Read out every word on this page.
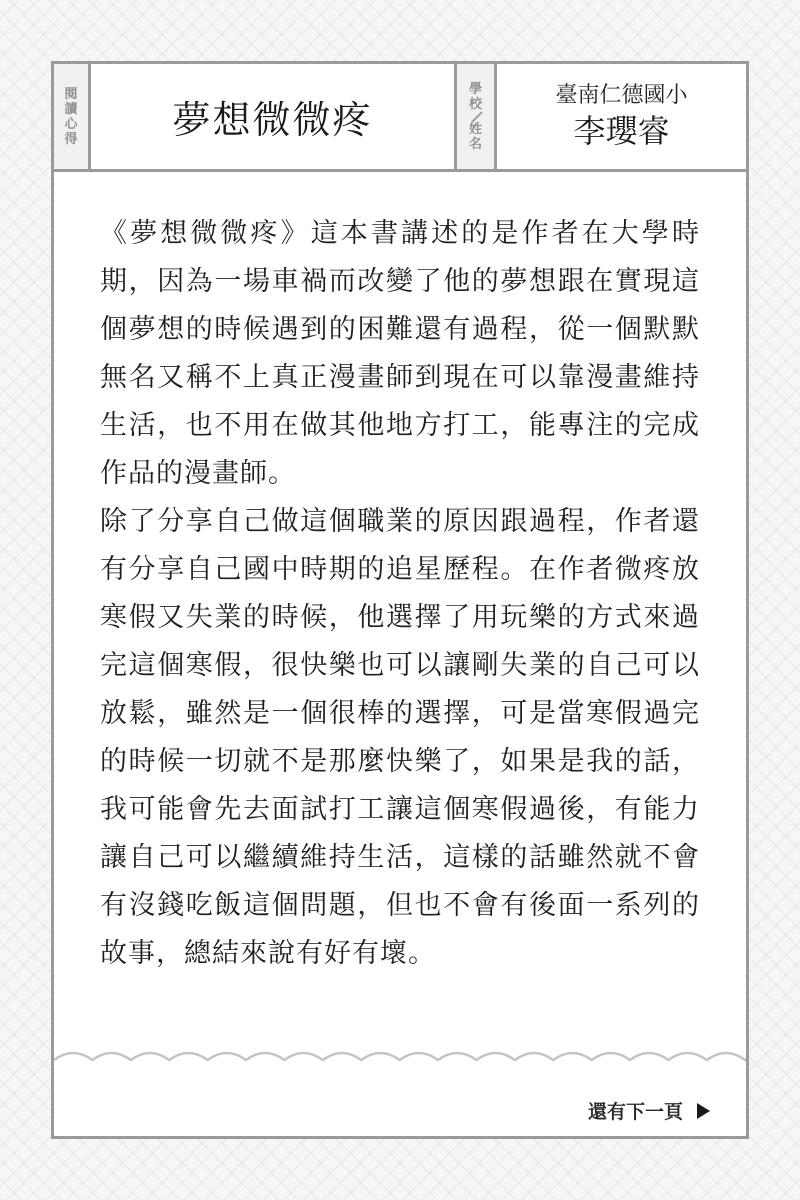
閱讀心得 夢想微微疼
學校
姓名
臺南仁德國小
李瓔睿

《夢想微微疼》這本書講述的是作者在大學時期，因為一場車禍而改變了他的夢想跟在實現這個夢想的時候遇到的困難還有過程，從一個默默無名又稱不上真正漫畫師到現在可以靠漫畫維持生活，也不用在做其他地方打工，能專注的完成作品的漫畫師。

除了分享自己做這個職業的原因跟過程，作者還有分享自己國中時期的追星歷程。在作者微疼放寒假又失業的時候，他選擇了用玩樂的方式來過完這個寒假，很快樂也可以讓剛失業的自己可以放鬆，雖然是一個很棒的選擇，可是當寒假過完的時候一切就不是那麼快樂了，如果是我的話，我可能會先去面試打工讓這個寒假過後，有能力讓自己可以繼續維持生活，這樣的話雖然就不會有沒錢吃飯這個問題，但也不會有後面一系列的故事，總結來說有好有壞。

還有下一頁
